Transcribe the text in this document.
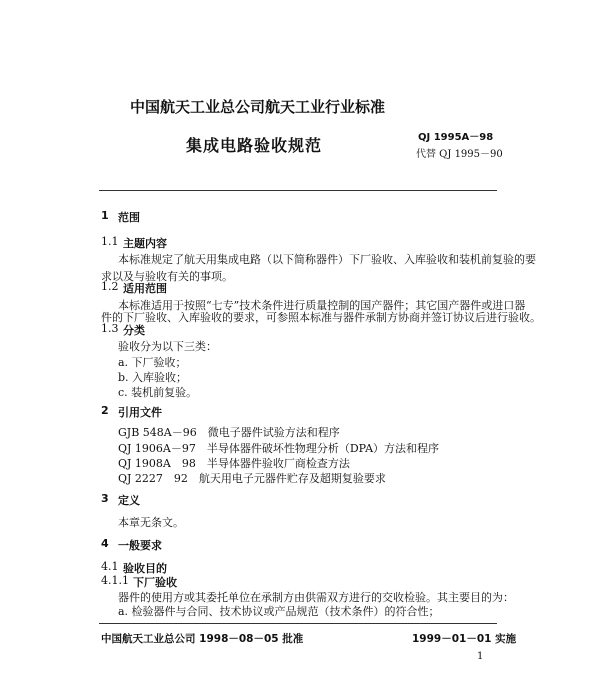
中国航天工业总公司航天工业行业标准
集成电路验收规范	QJ 1995A－98
代替 QJ 1995－90
1 范围
1.1 主题内容
本标准规定了航天用集成电路（以下简称器件）下厂验收、入库验收和装机前复验的要
求以及与验收有关的事项。
1.2 适用范围
本标准适用于按照“七专”技术条件进行质量控制的国产器件；其它国产器件或进口器
件的下厂验收、入库验收的要求，可参照本标准与器件承制方协商并签订协议后进行验收。
1.3 分类
验收分为以下三类：
a. 下厂验收；
b. 入库验收；
c. 装机前复验。
2 引用文件
GJB 548A－96　微电子器件试验方法和程序
QJ 1906A－97　半导体器件破坏性物理分析（DPA）方法和程序
QJ 1908A　98　半导体器件验收厂商检查方法
QJ 2227　92　航天用电子元器件贮存及超期复验要求
3 定义
本章无条文。
4 一般要求
4.1 验收目的
4.1.1 下厂验收
器件的使用方或其委托单位在承制方由供需双方进行的交收检验。其主要目的为：
a. 检验器件与合同、技术协议或产品规范（技术条件）的符合性；
中国航天工业总公司 1998－08－05 批准	1999－01－01 实施
1
